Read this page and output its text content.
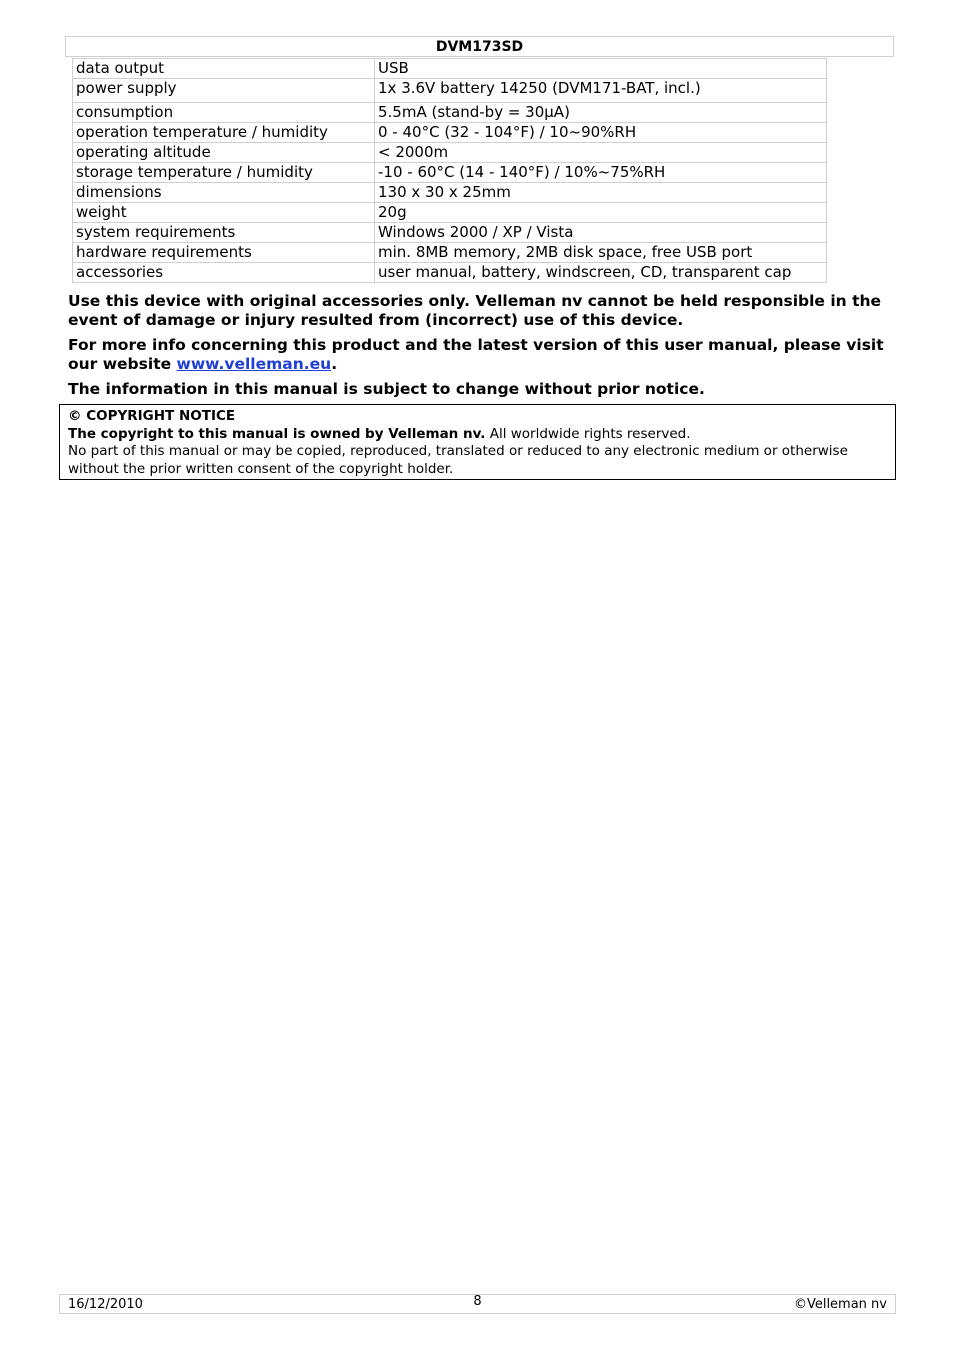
DVM173SD
data output	USB
power supply	1x 3.6V battery 14250 (DVM171-BAT, incl.)
consumption	5.5mA (stand-by = 30µA)
operation temperature / humidity	0 - 40°C (32 - 104°F) / 10~90%RH
operating altitude	< 2000m
storage temperature / humidity	-10 - 60°C (14 - 140°F) / 10%~75%RH
dimensions	130 x 30 x 25mm
weight	20g
system requirements	Windows 2000 / XP / Vista
hardware requirements	min. 8MB memory, 2MB disk space, free USB port
accessories	user manual, battery, windscreen, CD, transparent cap
Use this device with original accessories only. Velleman nv cannot be held responsible in the event of damage or injury resulted from (incorrect) use of this device.
For more info concerning this product and the latest version of this user manual, please visit our website www.velleman.eu.
The information in this manual is subject to change without prior notice.
© COPYRIGHT NOTICE
The copyright to this manual is owned by Velleman nv. All worldwide rights reserved.
No part of this manual or may be copied, reproduced, translated or reduced to any electronic medium or otherwise without the prior written consent of the copyright holder.
16/12/2010	8	©Velleman nv
